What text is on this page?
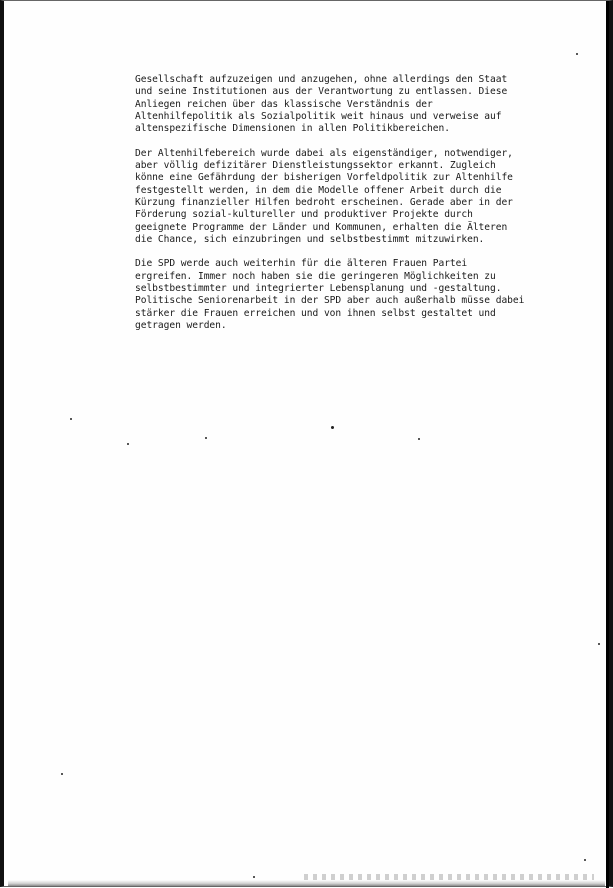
Gesellschaft aufzuzeigen und anzugehen, ohne allerdings den Staat
und seine Institutionen aus der Verantwortung zu entlassen. Diese
Anliegen reichen über das klassische Verständnis der
Altenhilfepolitik als Sozialpolitik weit hinaus und verweise auf
altenspezifische Dimensionen in allen Politikbereichen.

Der Altenhilfebereich wurde dabei als eigenständiger, notwendiger,
aber völlig defizitärer Dienstleistungssektor erkannt. Zugleich
könne eine Gefährdung der bisherigen Vorfeldpolitik zur Altenhilfe
festgestellt werden, in dem die Modelle offener Arbeit durch die
Kürzung finanzieller Hilfen bedroht erscheinen. Gerade aber in der
Förderung sozial-kultureller und produktiver Projekte durch
geeignete Programme der Länder und Kommunen, erhalten die Älteren
die Chance, sich einzubringen und selbstbestimmt mitzuwirken.

Die SPD werde auch weiterhin für die älteren Frauen Partei
ergreifen. Immer noch haben sie die geringeren Möglichkeiten zu
selbstbestimmter und integrierter Lebensplanung und -gestaltung.
Politische Seniorenarbeit in der SPD aber auch außerhalb müsse dabei
stärker die Frauen erreichen und von ihnen selbst gestaltet und
getragen werden.
